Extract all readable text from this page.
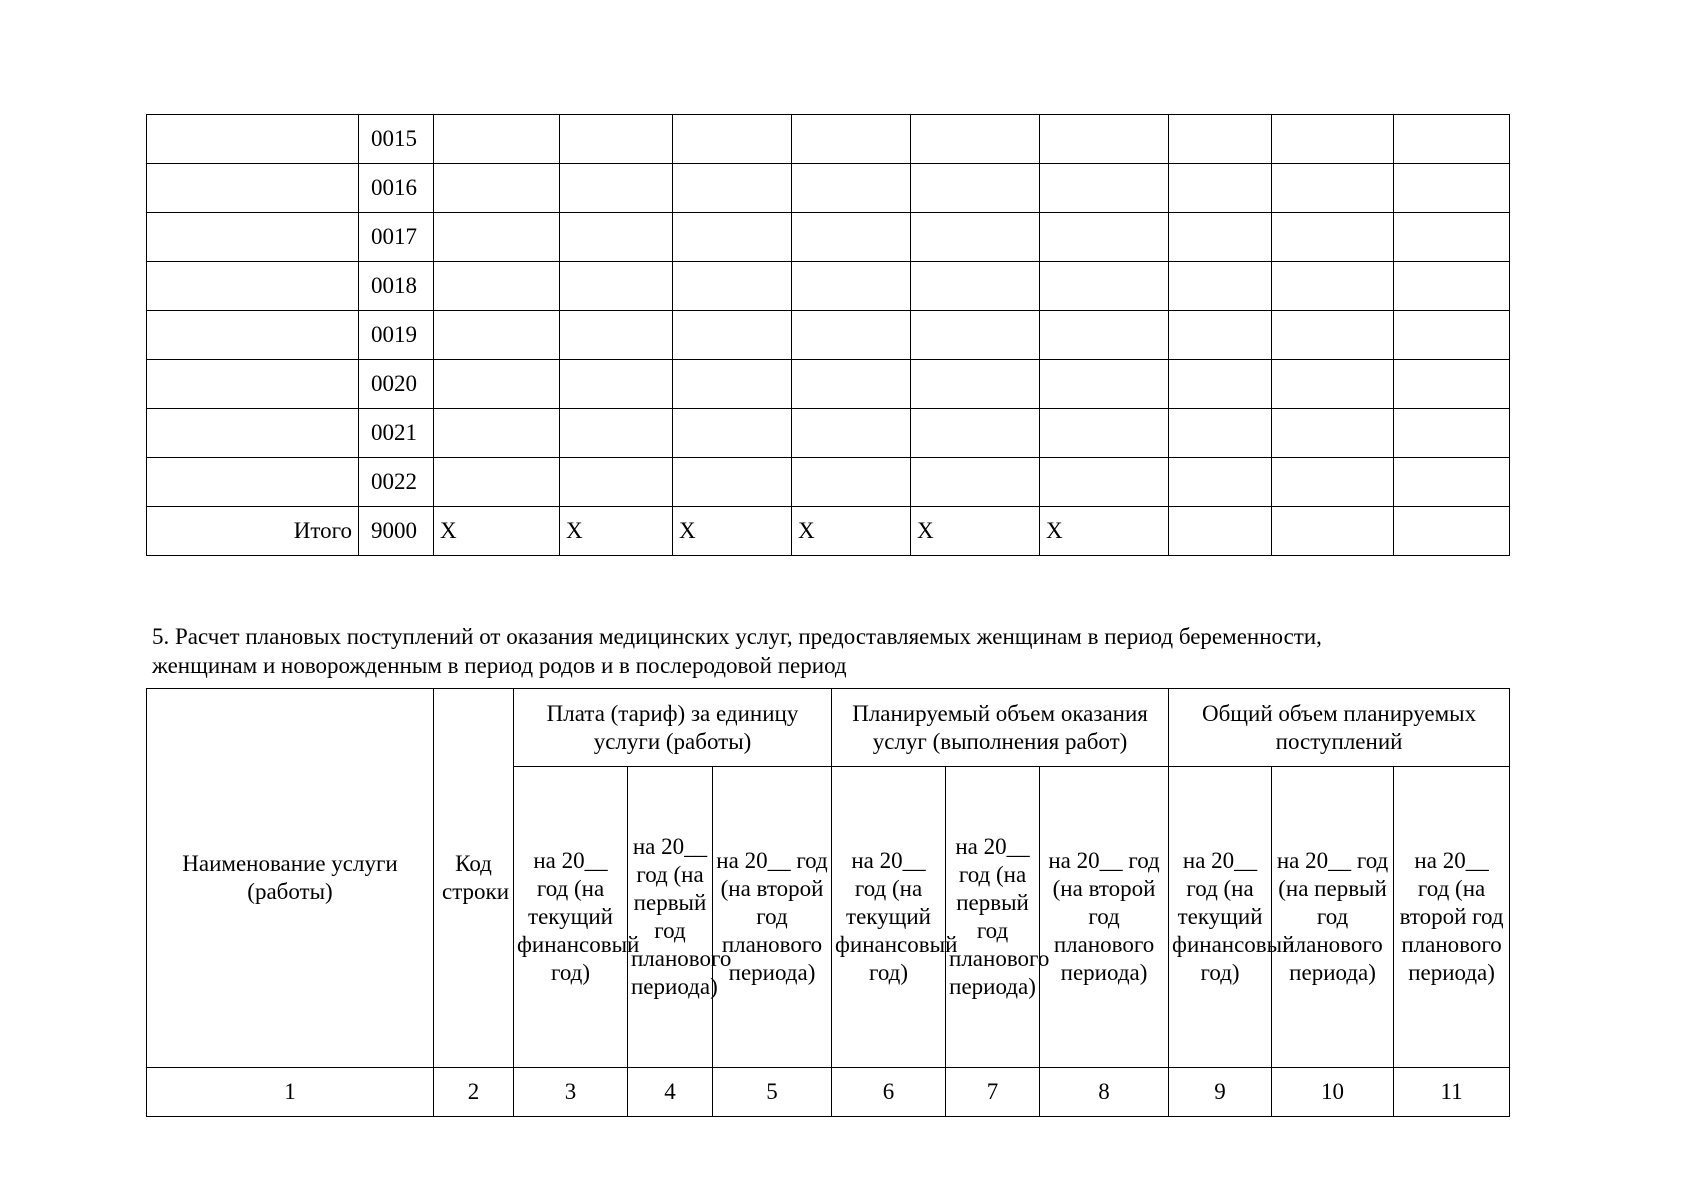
	0015									
	0016									
	0017									
	0018									
	0019									
	0020									
	0021									
	0022									
Итого	9000	X	X	X	X	X	X			
5. Расчет плановых поступлений от оказания медицинских услуг, предоставляемых женщинам в период беременности,
женщинам и новорожденным в период родов и в послеродовой период
Наименование услуги (работы)	Код строки	Плата (тариф) за единицу услуги (работы)			Планируемый объем оказания услуг (выполнения работ)			Общий объем планируемых поступлений		

		на 20__ год (на текущий финансовый год)	на 20__ год (на первый год планового периода)	на 20__ год (на второй год планового периода)	на 20__ год (на текущий финансовый год)	на 20__ год (на первый год планового периода)	на 20__ год (на второй год планового периода)	на 20__ год (на текущий финансовый год)	на 20__ год (на первый год планового периода)	на 20__ год (на второй год планового периода)

1	2	3	4	5	6	7	8	9	10	11
